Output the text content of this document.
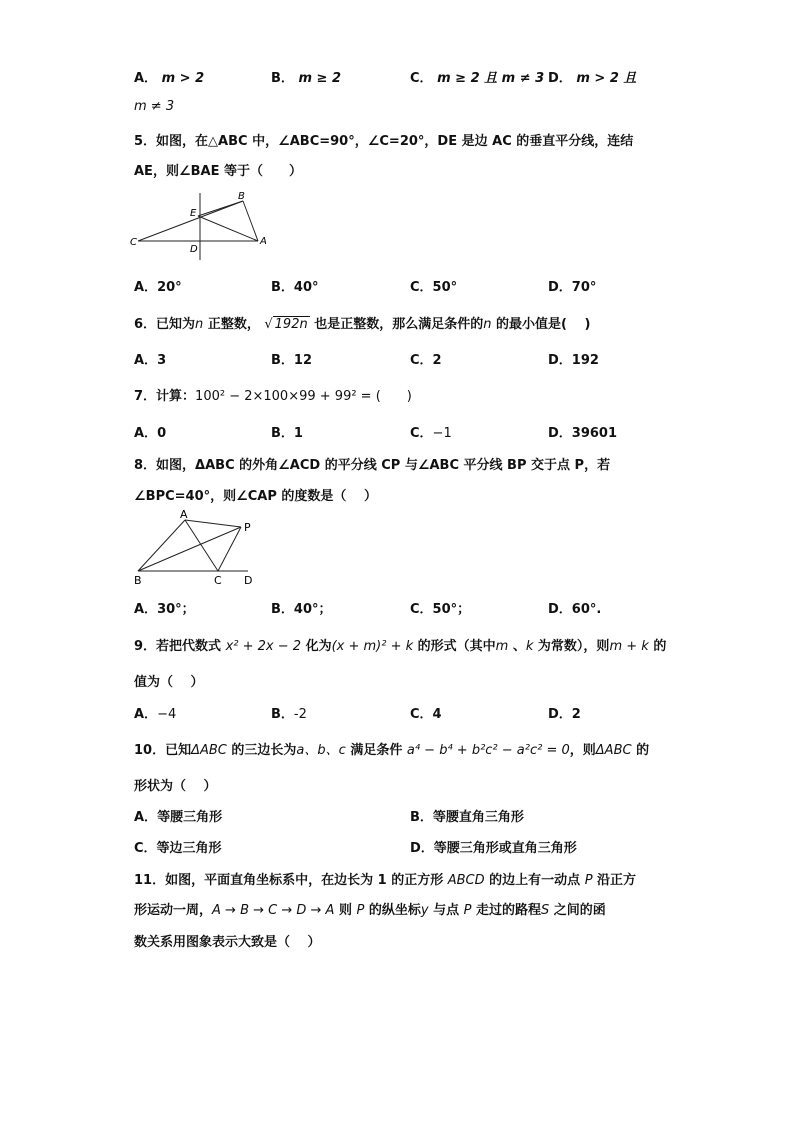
A． m > 2	B． m ≥ 2	C． m ≥ 2 且 m ≠ 3 D． m > 2 且
m ≠ 3
5．如图，在△ABC 中，∠ABC=90°，∠C=20°，DE 是边 AC 的垂直平分线，连结
AE，则∠BAE 等于（　　）
B
E
C
D
A
A．20°	B．40°	C．50°	D．70°
6．已知为n 正整数， √ 192n 也是正整数，那么满足条件的n 的最小值是(　 )
A．3	B．12	C．2	D．192
7．计算：100² − 2×100×99 + 99² = (　　)
A．0	B．1	C．−1	D．39601
8．如图，ΔABC 的外角∠ACD 的平分线 CP 与∠ABC 平分线 BP 交于点 P，若
∠BPC=40°，则∠CAP 的度数是（　 ）
A
P
B	C D
A．30°；	B．40°；	C．50°；	D．60°.
9．若把代数式 x² + 2x − 2 化为(x + m)² + k 的形式（其中m 、k 为常数），则m + k 的
值为（　 ）
A．−4	B．-2	C．4	D．2
10．已知ΔABC 的三边长为a、b、c 满足条件 a⁴ − b⁴ + b²c² − a²c² = 0，则ΔABC 的
形状为（　 ）
A．等腰三角形	B．等腰直角三角形
C．等边三角形	D．等腰三角形或直角三角形
11．如图，平面直角坐标系中，在边长为 1 的正方形 ABCD 的边上有一动点 P 沿正方
形运动一周，A → B → C → D → A 则 P 的纵坐标y 与点 P 走过的路程S 之间的函
数关系用图象表示大致是（　 ）
